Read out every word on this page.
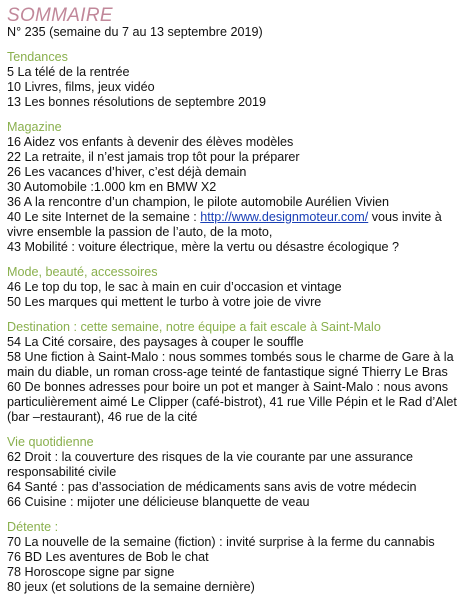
SOMMAIRE

N° 235 (semaine du 7 au 13 septembre 2019)

Tendances
5 La télé de la rentrée
10 Livres, films, jeux vidéo
13 Les bonnes résolutions de septembre 2019
Magazine
16 Aidez vos enfants à devenir des élèves modèles
22 La retraite, il n’est jamais trop tôt pour la préparer
26 Les vacances d’hiver, c’est déjà demain
30 Automobile :1.000 km en BMW X2
36 A la rencontre d’un champion, le pilote automobile Aurélien Vivien
40 Le site Internet de la semaine : http://www.designmoteur.com/ vous invite à vivre ensemble la passion de l’auto, de la moto,
43 Mobilité : voiture électrique, mère la vertu ou désastre écologique ?
Mode, beauté, accessoires
46 Le top du top, le sac à main en cuir d’occasion et vintage
50 Les marques qui mettent le turbo à votre joie de vivre
Destination : cette semaine, notre équipe a fait escale à Saint-Malo
54 La Cité corsaire, des paysages à couper le souffle
58 Une fiction à Saint-Malo : nous sommes tombés sous le charme de Gare à la main du diable, un roman cross-age teinté de fantastique signé Thierry Le Bras
60 De bonnes adresses pour boire un pot et manger à Saint-Malo : nous avons particulièrement aimé Le Clipper (café-bistrot), 41 rue Ville Pépin et le Rad d’Alet (bar –restaurant), 46 rue de la cité
Vie quotidienne
62 Droit : la couverture des risques de la vie courante par une assurance responsabilité civile
64 Santé : pas d’association de médicaments sans avis de votre médecin
66 Cuisine : mijoter une délicieuse blanquette de veau
Détente :
70 La nouvelle de la semaine (fiction) : invité surprise à la ferme du cannabis
76 BD Les aventures de Bob le chat
78 Horoscope signe par signe
80 jeux (et solutions de la semaine dernière)
